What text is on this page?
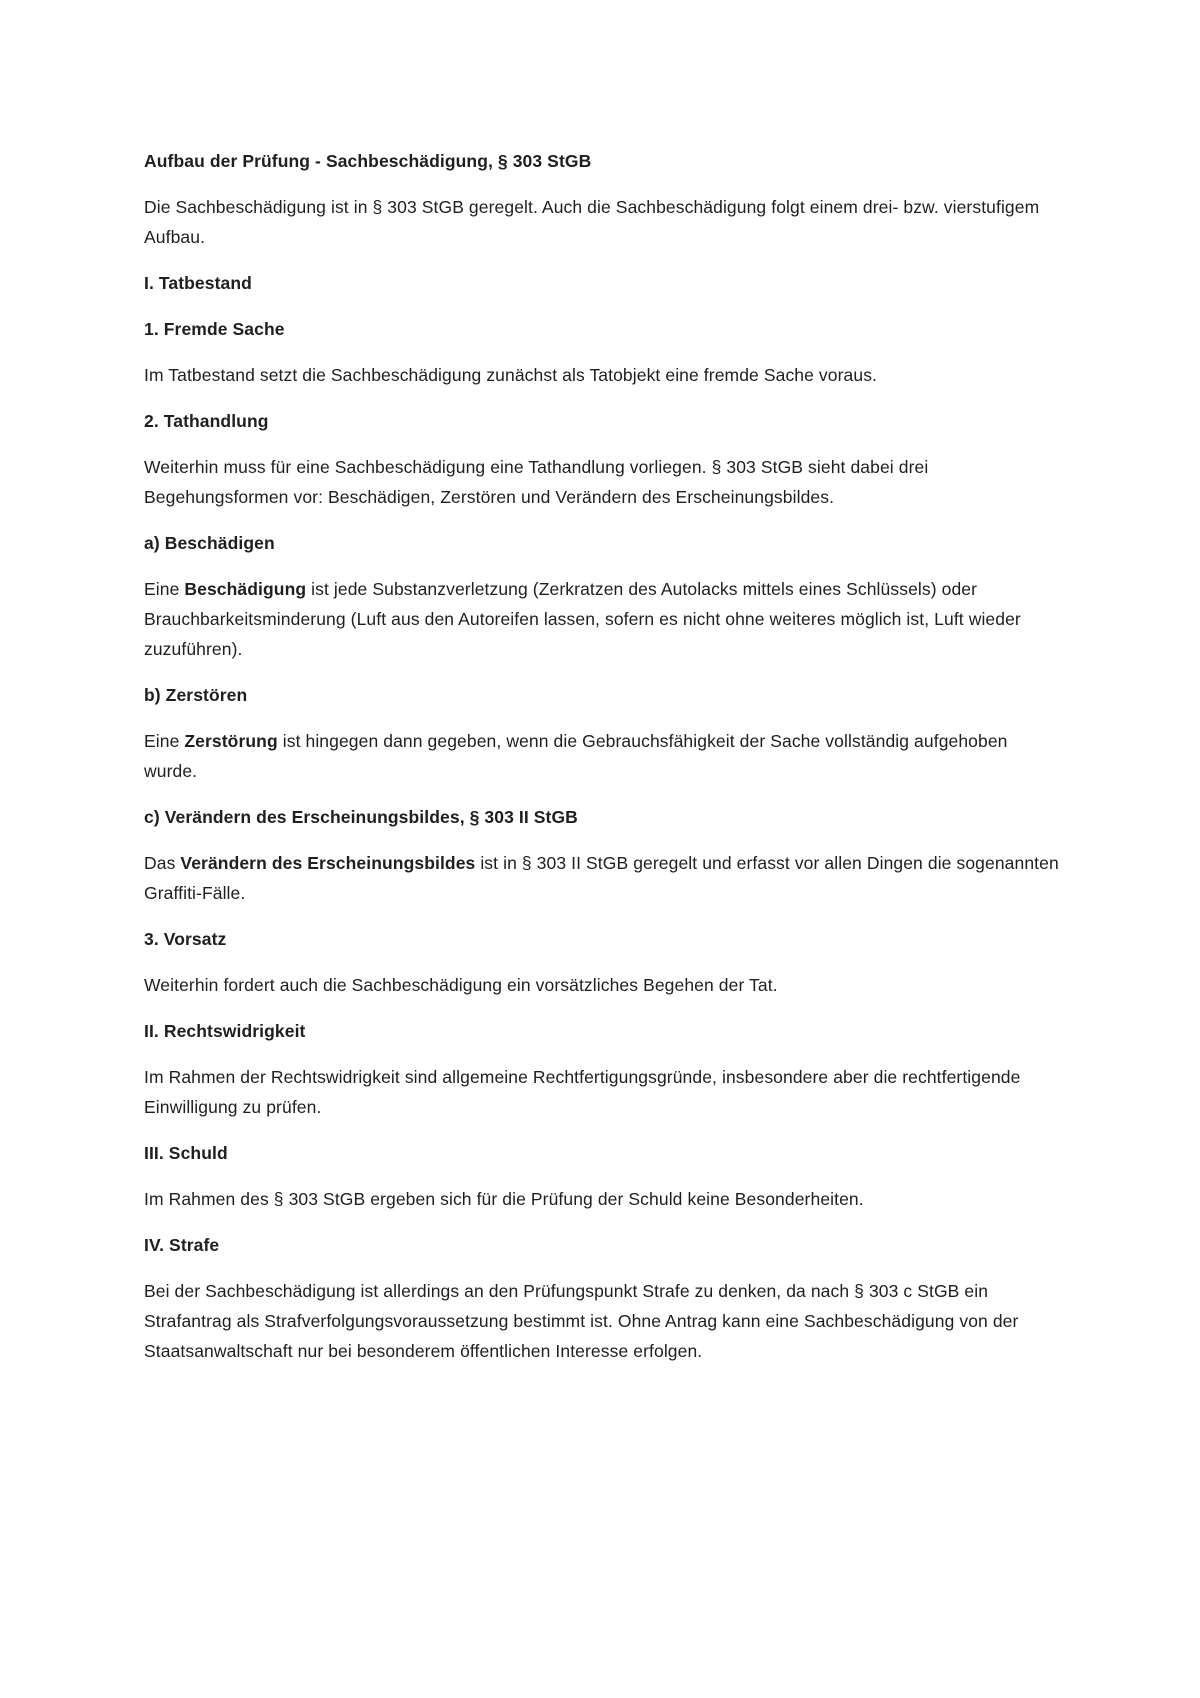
Aufbau der Prüfung - Sachbeschädigung, § 303 StGB

Die Sachbeschädigung ist in § 303 StGB geregelt. Auch die Sachbeschädigung folgt einem drei- bzw. vierstufigem Aufbau.

I. Tatbestand

1. Fremde Sache

Im Tatbestand setzt die Sachbeschädigung zunächst als Tatobjekt eine fremde Sache voraus.

2. Tathandlung

Weiterhin muss für eine Sachbeschädigung eine Tathandlung vorliegen. § 303 StGB sieht dabei drei Begehungsformen vor: Beschädigen, Zerstören und Verändern des Erscheinungsbildes.

a) Beschädigen

Eine Beschädigung ist jede Substanzverletzung (Zerkratzen des Autolacks mittels eines Schlüssels) oder Brauchbarkeitsminderung (Luft aus den Autoreifen lassen, sofern es nicht ohne weiteres möglich ist, Luft wieder zuzuführen).

b) Zerstören

Eine Zerstörung ist hingegen dann gegeben, wenn die Gebrauchsfähigkeit der Sache vollständig aufgehoben wurde.

c) Verändern des Erscheinungsbildes, § 303 II StGB

Das Verändern des Erscheinungsbildes ist in § 303 II StGB geregelt und erfasst vor allen Dingen die sogenannten Graffiti-Fälle.

3. Vorsatz

Weiterhin fordert auch die Sachbeschädigung ein vorsätzliches Begehen der Tat.

II. Rechtswidrigkeit

Im Rahmen der Rechtswidrigkeit sind allgemeine Rechtfertigungsgründe, insbesondere aber die rechtfertigende Einwilligung zu prüfen.

III. Schuld

Im Rahmen des § 303 StGB ergeben sich für die Prüfung der Schuld keine Besonderheiten.

IV. Strafe

Bei der Sachbeschädigung ist allerdings an den Prüfungspunkt Strafe zu denken, da nach § 303 c StGB ein Strafantrag als Strafverfolgungsvoraussetzung bestimmt ist. Ohne Antrag kann eine Sachbeschädigung von der Staatsanwaltschaft nur bei besonderem öffentlichen Interesse erfolgen.
